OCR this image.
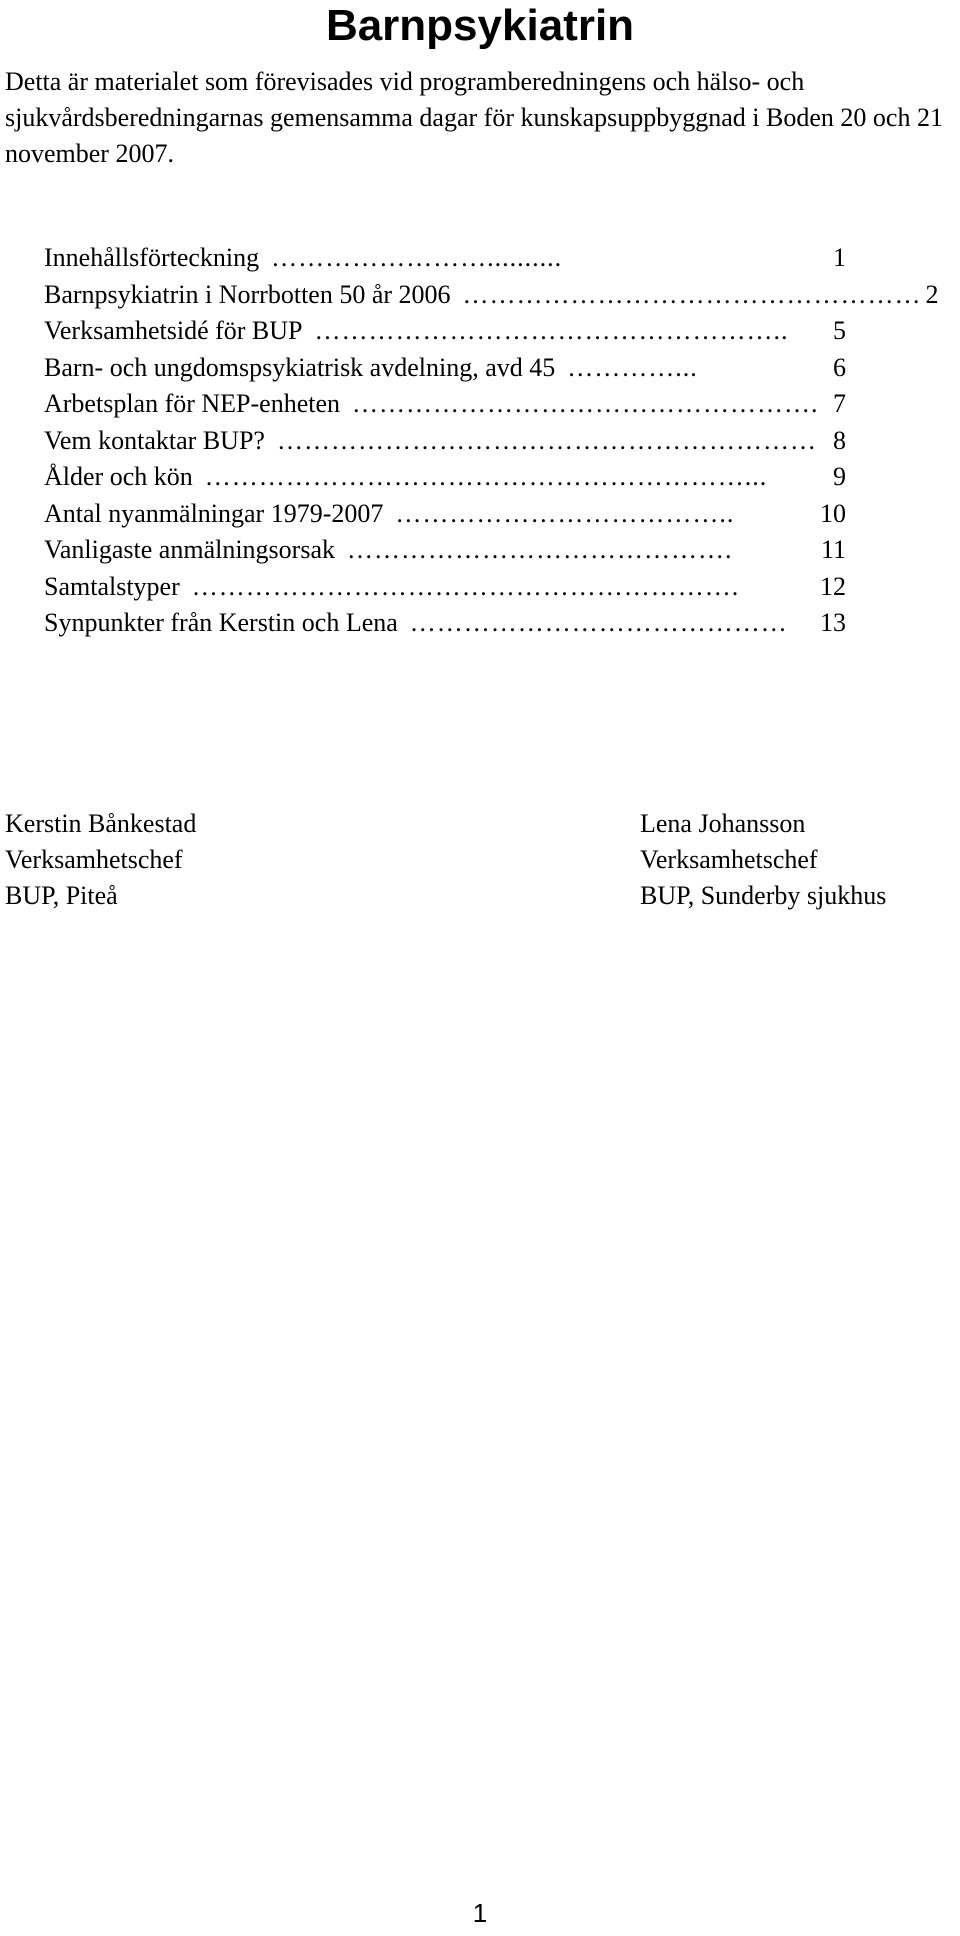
Barnpsykiatrin

Detta är materialet som förevisades vid programberedningens och hälso- och sjukvårdsberedningarnas gemensamma dagar för kunskapsuppbyggnad i Boden 20 och 21 november 2007.

Innehållsförteckning ……………………..........	1
Barnpsykiatrin i Norrbotten 50 år 2006 …………………………………………… 2
Verksamhetsidé för BUP ……………………………………………..	5
Barn- och ungdomspsykiatrisk avdelning, avd 45 …………...	6
Arbetsplan för NEP-enheten ……………………………………………. 7
Vem kontaktar BUP? …………………………………………………… 8
Ålder och kön ……………………………………………………...	9
Antal nyanmälningar 1979-2007 ………………………………..	10
Vanligaste anmälningsorsak …………………………………….	11
Samtalstyper …………………………………………………….	12
Synpunkter från Kerstin och Lena ……………………………………	13
Kerstin Bånkestad
Verksamhetschef
BUP, Piteå
Lena Johansson
Verksamhetschef
BUP, Sunderby sjukhus
1
